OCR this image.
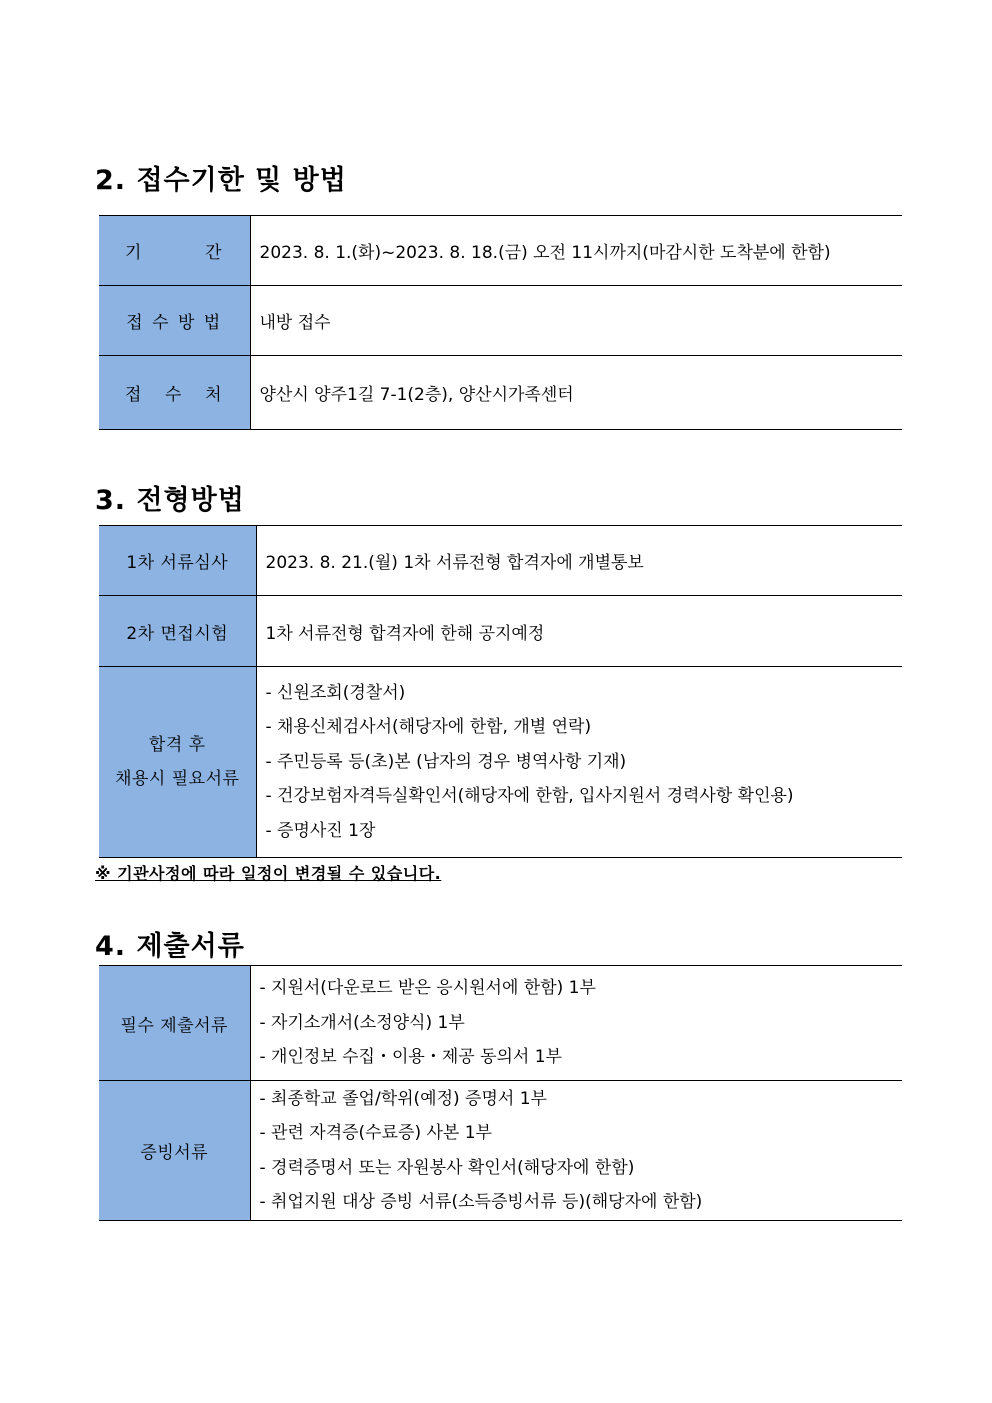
2. 접수기한 및 방법
기 간	2023. 8. 1.(화)~2023. 8. 18.(금) 오전 11시까지(마감시한 도착분에 한함)
접 수 방 법	내방 접수

접 수 처	양산시 양주1길 7-1(2층), 양산시가족센터
3. 전형방법
1차 서류심사	2023. 8. 21.(월) 1차 서류전형 합격자에 개별통보
2차 면접시험	1차 서류전형 합격자에 한해 공지예정

합격 후
채용시 필요서류	- 신원조회(경찰서)
- 채용신체검사서(해당자에 한함, 개별 연락)
- 주민등록 등(초)본 (남자의 경우 병역사항 기재)
- 건강보험자격득실확인서(해당자에 한함, 입사지원서 경력사항 확인용)
- 증명사진 1장

※ 기관사정에 따라 일정이 변경될 수 있습니다.

4. 제출서류
필수 제출서류	- 지원서(다운로드 받은 응시원서에 한함) 1부
- 자기소개서(소정양식) 1부
- 개인정보 수집・이용・제공 동의서 1부

증빙서류	- 최종학교 졸업/학위(예정) 증명서 1부
- 관련 자격증(수료증) 사본 1부
- 경력증명서 또는 자원봉사 확인서(해당자에 한함)
- 취업지원 대상 증빙 서류(소득증빙서류 등)(해당자에 한함)
